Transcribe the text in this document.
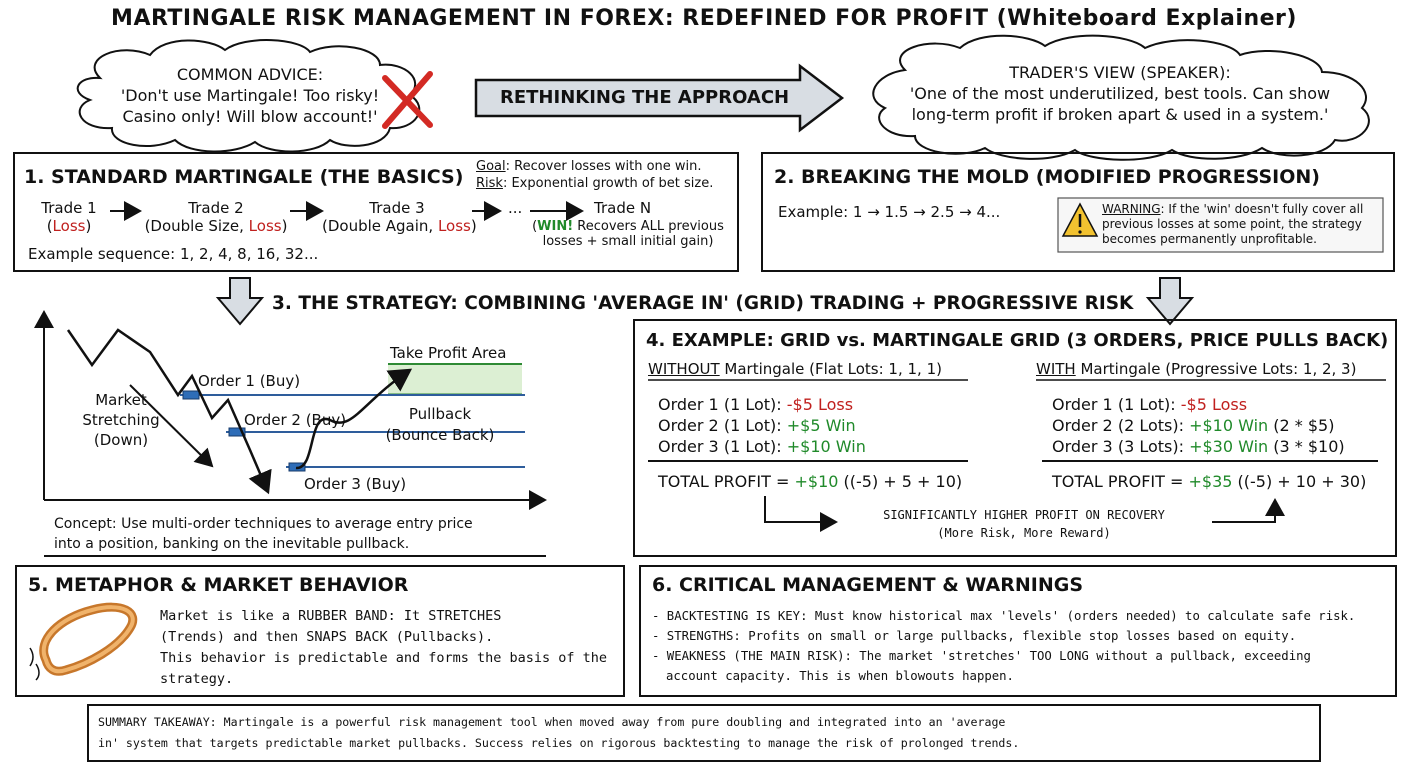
MARTINGALE RISK MANAGEMENT IN FOREX: REDEFINED FOR PROFIT (Whiteboard Explainer)
COMMON ADVICE:
'Don't use Martingale! Too risky!
Casino only! Will blow account!'
RETHINKING THE APPROACH
TRADER'S VIEW (SPEAKER):
'One of the most underutilized, best tools. Can show
long-term profit if broken apart & used in a system.'
1. STANDARD MARTINGALE (THE BASICS) Goal: Recover losses with one win.
Risk: Exponential growth of bet size.
Trade 1
(Loss)
Trade 2
(Double Size, Loss)
Trade 3
(Double Again, Loss)
...	Trade N
(WIN! Recovers ALL previous
losses + small initial gain)
Example sequence: 1, 2, 4, 8, 16, 32...
2. BREAKING THE MOLD (MODIFIED PROGRESSION)
Example: 1 → 1.5 → 2.5 → 4...	WARNING: If the 'win' doesn't fully cover all
previous losses at some point, the strategy
becomes permanently unprofitable.
3. THE STRATEGY: COMBINING 'AVERAGE IN' (GRID) TRADING + PROGRESSIVE RISK
Market
Stretching
(Down)
Order 1 (Buy)
Order 2 (Buy)
Order 3 (Buy)
Take Profit Area
Pullback
(Bounce Back)
Concept: Use multi-order techniques to average entry price
into a position, banking on the inevitable pullback.
4. EXAMPLE: GRID vs. MARTINGALE GRID (3 ORDERS, PRICE PULLS BACK)
WITHOUT Martingale (Flat Lots: 1, 1, 1)	WITH Martingale (Progressive Lots: 1, 2, 3)
Order 1 (1 Lot): -$5 Loss
Order 2 (1 Lot): +$5 Win
Order 3 (1 Lot): +$10 Win
Order 1 (1 Lot): -$5 Loss
Order 2 (2 Lots): +$10 Win (2 * $5)
Order 3 (3 Lots): +$30 Win (3 * $10)
TOTAL PROFIT = +$10 ((-5) + 5 + 10)	TOTAL PROFIT = +$35 ((-5) + 10 + 30)
SIGNIFICANTLY HIGHER PROFIT ON RECOVERY
(More Risk, More Reward)
5. METAPHOR & MARKET BEHAVIOR
Market is like a RUBBER BAND: It STRETCHES
(Trends) and then SNAPS BACK (Pullbacks).
This behavior is predictable and forms the basis of the
strategy.
6. CRITICAL MANAGEMENT & WARNINGS
- BACKTESTING IS KEY: Must know historical max 'levels' (orders needed) to calculate safe risk.
- STRENGTHS: Profits on small or large pullbacks, flexible stop losses based on equity.
- WEAKNESS (THE MAIN RISK): The market 'stretches' TOO LONG without a pullback, exceeding
account capacity. This is when blowouts happen.
SUMMARY TAKEAWAY: Martingale is a powerful risk management tool when moved away from pure doubling and integrated into an 'average
in' system that targets predictable market pullbacks. Success relies on rigorous backtesting to manage the risk of prolonged trends.
